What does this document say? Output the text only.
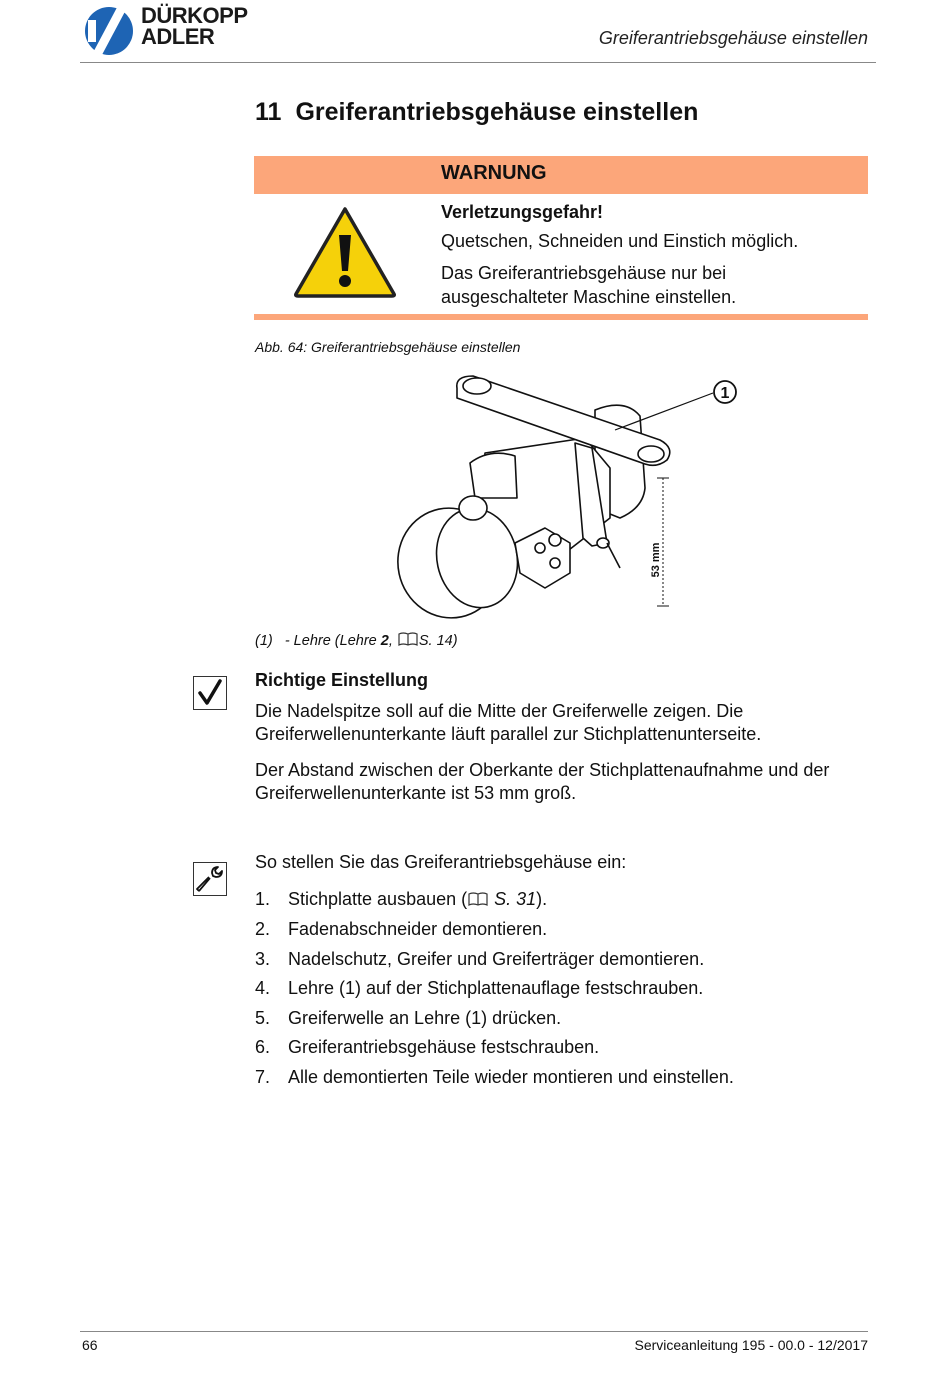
DÜRKOPP
ADLER	Greiferantriebsgehäuse einstellen
11 Greiferantriebsgehäuse einstellen
WARNUNG
Verletzungsgefahr!
Quetschen, Schneiden und Einstich möglich.
Das Greiferantriebsgehäuse nur bei
ausgeschalteter Maschine einstellen.
Abb. 64: Greiferantriebsgehäuse einstellen
1
53 mm
(1) - Lehre (Lehre 2, S. 14)
Richtige Einstellung
Die Nadelspitze soll auf die Mitte der Greiferwelle zeigen. Die Greiferwellenunterkante läuft parallel zur Stichplattenunterseite.
Der Abstand zwischen der Oberkante der Stichplattenaufnahme und der Greiferwellenunterkante ist 53 mm groß.
So stellen Sie das Greiferantriebsgehäuse ein:
1. Stichplatte ausbauen ( S. 31).
2. Fadenabschneider demontieren.
3. Nadelschutz, Greifer und Greiferträger demontieren.
4. Lehre (1) auf der Stichplattenauflage festschrauben.
5. Greiferwelle an Lehre (1) drücken.
6. Greiferantriebsgehäuse festschrauben.
7. Alle demontierten Teile wieder montieren und einstellen.
66	Serviceanleitung 195 - 00.0 - 12/2017
